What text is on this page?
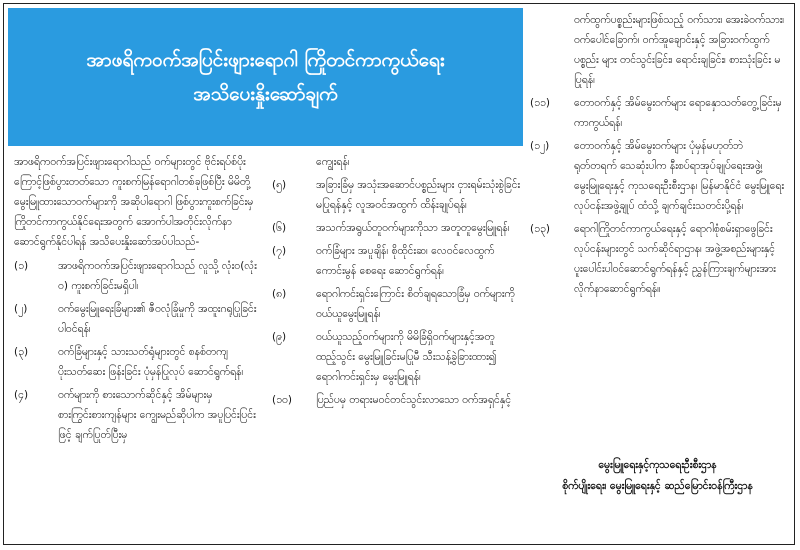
အာဖရိကဝက်အပြင်းဖျားရောဂါ ကြိုတင်ကာကွယ်ရေး
အသိပေးနှိုးဆော်ချက်

အာဖရိကဝက်အပြင်းဖျားရောဂါသည် ဝက်များတွင် ဗိုင်းရပ်စ်ပိုး ကြောင့်ဖြစ်ပွားတတ်သော ကူးစက်မြန်ရောဂါတစ်ခုဖြစ်ပြီး မိမိတို့ မွေးမြူထားသောဝက်များကို အဆိုပါရောဂါ ဖြစ်ပွားကူးစက်ခြင်းမှ ကြိုတင်ကာကွယ်နိုင်ရေးအတွက် အောက်ပါအတိုင်းလိုက်နာ ဆောင်ရွက်နိုင်ပါရန် အသိပေးနှိုးဆော်အပ်ပါသည်-

(၁)	အာဖရိကဝက်အပြင်းဖျားရောဂါသည် လူသို့ လုံးဝ(လုံးဝ) ကူးစက်ခြင်းမရှိပါ၊
(၂)	ဝက်မွေးမြူရေးခြံများ၏ ဇီဝလုံခြုံမှုကို အထူးဂရုပြုခြင်းပါဝင်ရန်၊
(၃)	ဝက်ခြံများနှင့် သားသတ်ရုံများတွင် စနစ်တကျ ပိုးသတ်ဆေး ဖြန်းခြင်း ပုံမှန်ပြုလုပ် ဆောင်ရွက်ရန်၊
(၄)	ဝက်များကို စားသောက်ဆိုင်နှင့် အိမ်များမှ စားကြွင်းစားကျန်များ ကျွေးမည်ဆိုပါက အပူပြင်းပြင်းဖြင့် ချက်ပြုတ်ပြီးမှ
ကျွေးရန်၊
(၅)	အခြားခြံမှ အသုံးအဆောင်ပစ္စည်းများ ငှားရမ်းသုံးစွဲခြင်း မပြုရန်နှင့် လူအဝင်အထွက် ထိန်းချုပ်ရန်၊
(၆)	အသက်အရွယ်တူဝက်များကိုသာ အတူတူမွေးမြူရန်၊
(၇)	ဝက်ခြံများ အပူချိန်၊ စိုထိုင်းဆ၊ လေဝင်လေထွက်ကောင်းမွန် စေရေး ဆောင်ရွက်ရန်၊
(၈)	ရောဂါကင်းရှင်းကြောင်း စိတ်ချရသောခြံမှ ဝက်များကို ဝယ်ယူမွေးမြူရန်၊
(၉)	ဝယ်ယူသည့်ဝက်များကို မိမိခြံရှိဝက်များနှင့်အတူ ထည့်သွင်း မွေးမြူခြင်းမပြုမီ သီးသန့်ခွဲခြားထား၍ ရောဂါကင်းရှင်းမှ မွေးမြူရန်၊
(၁၀)	ပြည်ပမှ တရားမဝင်တင်သွင်းလာသော ဝက်အရှင်နှင့်
ဝက်ထွက်ပစ္စည်းများဖြစ်သည့် ဝက်သား၊ အေးခဲဝက်သား၊ ဝက်ပေါင်ခြောက်၊ ဝက်အူချောင်းနှင့် အခြားဝက်ထွက်ပစ္စည်း များ တင်သွင်းခြင်း၊ ရောင်းချခြင်း၊ စားသုံးခြင်း မပြုရန်၊
(၁၁)	တောဝက်နှင့် အိမ်မွေးဝက်များ ရောနှောသတ်တွေ့ခြင်းမှ ကာကွယ်ရန်၊
(၁၂)	တောဝက်နှင့် အိမ်မွေးဝက်များ ပုံမှန်မဟုတ်ဘဲ ရုတ်တရက် သေဆုံးပါက နီးစပ်ရာအုပ်ချုပ်ရေးအဖွဲ့၊ မွေးမြူရေးနှင့် ကုသရေးဦးစီးဌာန၊ မြန်မာနိုင်ငံ မွေးမြူရေးလုပ်ငန်းအဖွဲ့ချုပ် ထံသို့ ချက်ချင်းသတင်းပို့ရန်၊
(၁၃)	ရောဂါကြိုတင်ကာကွယ်ရေးနှင့် ရောဂါစုံစမ်းရှာဖွေခြင်း လုပ်ငန်းများတွင် သက်ဆိုင်ရာဌာန၊ အဖွဲ့အစည်းများနှင့် ပူးပေါင်းပါဝင်ဆောင်ရွက်ရန်နှင့် ညွှန်ကြားချက်များအား လိုက်နာဆောင်ရွက်ရန်။
မွေးမြူရေးနှင့်ကုသရေးဦးစီးဌာန
စိုက်ပျိုးရေး၊ မွေးမြူရေးနှင့် ဆည်မြောင်းဝန်ကြီးဌာန
